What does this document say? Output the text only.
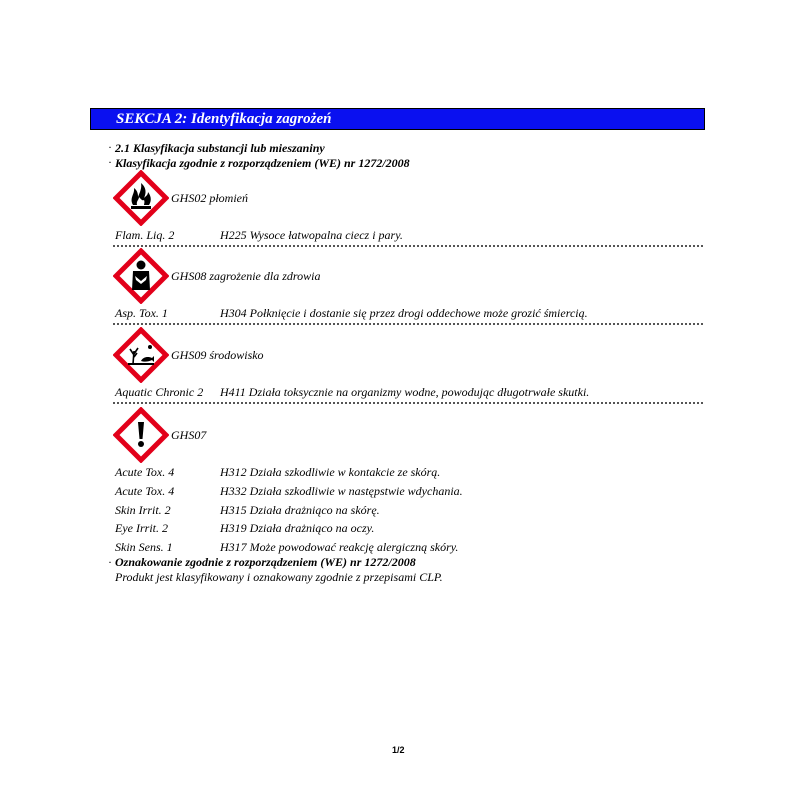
SEKCJA 2: Identyfikacja zagrożeń
· 2.1 Klasyfikacja substancji lub mieszaniny
· Klasyfikacja zgodnie z rozporządzeniem (WE) nr 1272/2008
GHS02 płomień
Flam. Liq. 2	H225 Wysoce łatwopalna ciecz i pary.
GHS08 zagrożenie dla zdrowia
Asp. Tox. 1	H304 Połknięcie i dostanie się przez drogi oddechowe może grozić śmiercią.
GHS09 środowisko
Aquatic Chronic 2 H411 Działa toksycznie na organizmy wodne, powodując długotrwałe skutki.
GHS07
Acute Tox. 4	H312 Działa szkodliwie w kontakcie ze skórą.
Acute Tox. 4	H332 Działa szkodliwie w następstwie wdychania.
Skin Irrit. 2	H315 Działa drażniąco na skórę.
Eye Irrit. 2	H319 Działa drażniąco na oczy.
Skin Sens. 1	H317 Może powodować reakcję alergiczną skóry.
· Oznakowanie zgodnie z rozporządzeniem (WE) nr 1272/2008
Produkt jest klasyfikowany i oznakowany zgodnie z przepisami CLP.
1/2
